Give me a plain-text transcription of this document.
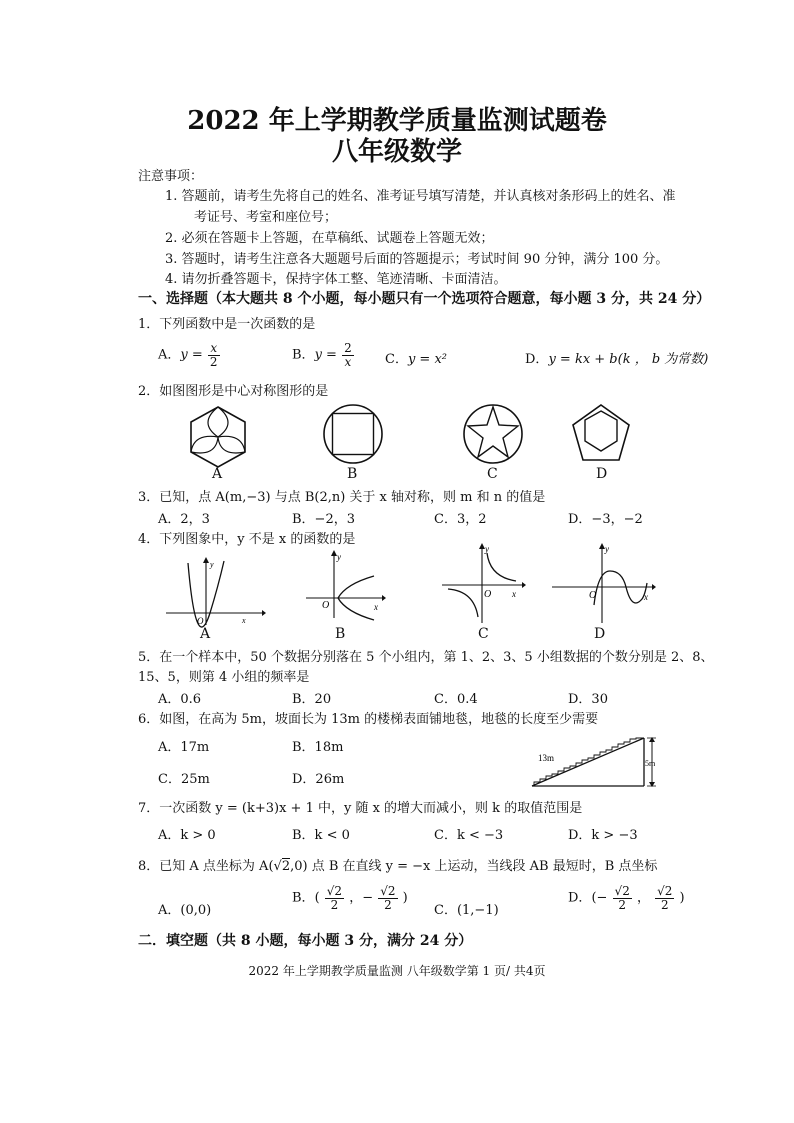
2022 年上学期教学质量监测试题卷
八年级数学
注意事项：
1. 答题前，请考生先将自己的姓名、准考证号填写清楚，并认真核对条形码上的姓名、准
考证号、考室和座位号；
2. 必须在答题卡上答题，在草稿纸、试题卷上答题无效；
3. 答题时，请考生注意各大题题号后面的答题提示；考试时间 90 分钟，满分 100 分。
4. 请勿折叠答题卡，保持字体工整、笔迹清晰、卡面清洁。
一、选择题（本大题共 8 个小题，每小题只有一个选项符合题意，每小题 3 分，共 24 分）
1．下列函数中是一次函数的是
A．$y = \frac{x}{2}$	B．$y = \frac{2}{x}$ C．y = x²	D．y = kx + b(k ， b 为常数)
2．如图图形是中心对称图形的是
A	B	C	D
3．已知，点 A(m,−3) 与点 B(2,n) 关于 x 轴对称，则 m 和 n 的值是
A．2，3	B．−2，3	C．3，2	D．−3，−2
4．下列图象中，y 不是 x 的函数的是
O	x
y
O	x
y
O x
y
O	x
y
A	B	C	D
5．在一个样本中，50 个数据分别落在 5 个小组内，第 1、2、3、5 小组数据的个数分别是 2、8、
15、5，则第 4 小组的频率是
A．0.6	B．20	C．0.4	D．30
6．如图，在高为 5m，坡面长为 13m 的楼梯表面铺地毯，地毯的长度至少需要
A．17m	B．18m
C．25m	D．26m
13m
5m
7．一次函数 y = (k+3)x + 1 中，y 随 x 的增大而减小，则 k 的取值范围是
A．k > 0	B．k < 0	C．k < −3	D．k > −3
8．已知 A 点坐标为 A(√2,0) 点 B 在直线 y = −x 上运动，当线段 AB 最短时，B 点坐标
A．(0,0)
B．( $\frac{√2}{2}$ ，− $\frac{√2}{2}$ )
C．(1,−1)
D．(− $\frac{√2}{2}$ ， $\frac{√2}{2}$ )
二．填空题（共 8 小题，每小题 3 分，满分 24 分）
2022 年上学期教学质量监测 八年级数学第 1 页/ 共4页
